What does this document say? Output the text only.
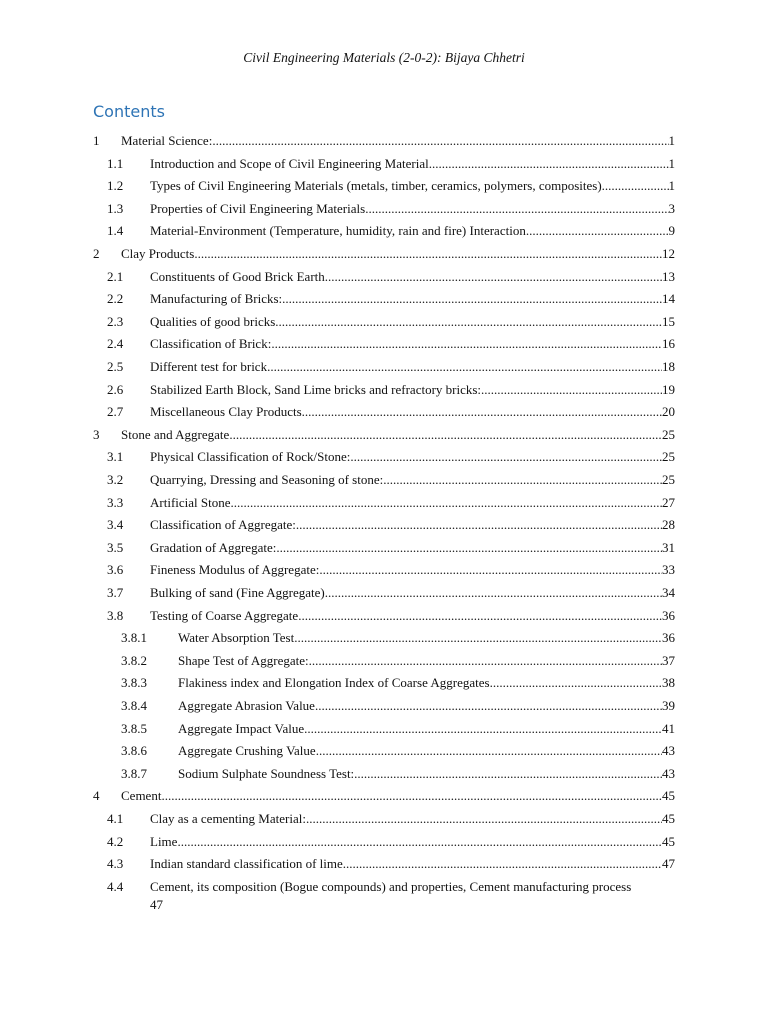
Civil Engineering Materials (2-0-2): Bijaya Chhetri
Contents
1 Material Science: .....	1
1.1 Introduction and Scope of Civil Engineering Material .....	1
1.2 Types of Civil Engineering Materials (metals, timber, ceramics, polymers, composites) .....	1
1.3 Properties of Civil Engineering Materials .....	3
1.4 Material-Environment (Temperature, humidity, rain and fire) Interaction .....	9
2 Clay Products .....	12
2.1 Constituents of Good Brick Earth .....	13
2.2 Manufacturing of Bricks: .....	14
2.3 Qualities of good bricks .....	15
2.4 Classification of Brick: .....	16
2.5 Different test for brick .....	18
2.6 Stabilized Earth Block, Sand Lime bricks and refractory bricks: .....	19
2.7 Miscellaneous Clay Products .....	20
3 Stone and Aggregate .....	25
3.1 Physical Classification of Rock/Stone: .....	25
3.2 Quarrying, Dressing and Seasoning of stone: .....	25
3.3 Artificial Stone .....	27
3.4 Classification of Aggregate: .....	28
3.5 Gradation of Aggregate: .....	31
3.6 Fineness Modulus of Aggregate: .....	33
3.7 Bulking of sand (Fine Aggregate) .....	34
3.8 Testing of Coarse Aggregate .....	36
3.8.1 Water Absorption Test .....	36
3.8.2 Shape Test of Aggregate: .....	37
3.8.3 Flakiness index and Elongation Index of Coarse Aggregates .....	38
3.8.4 Aggregate Abrasion Value .....	39
3.8.5 Aggregate Impact Value .....	41
3.8.6 Aggregate Crushing Value .....	43
3.8.7 Sodium Sulphate Soundness Test: .....	43
4 Cement .....	45
4.1 Clay as a cementing Material: .....	45
4.2 Lime .....	45
4.3 Indian standard classification of lime .....	47
4.4 Cement, its composition (Bogue compounds) and properties, Cement manufacturing process
47
